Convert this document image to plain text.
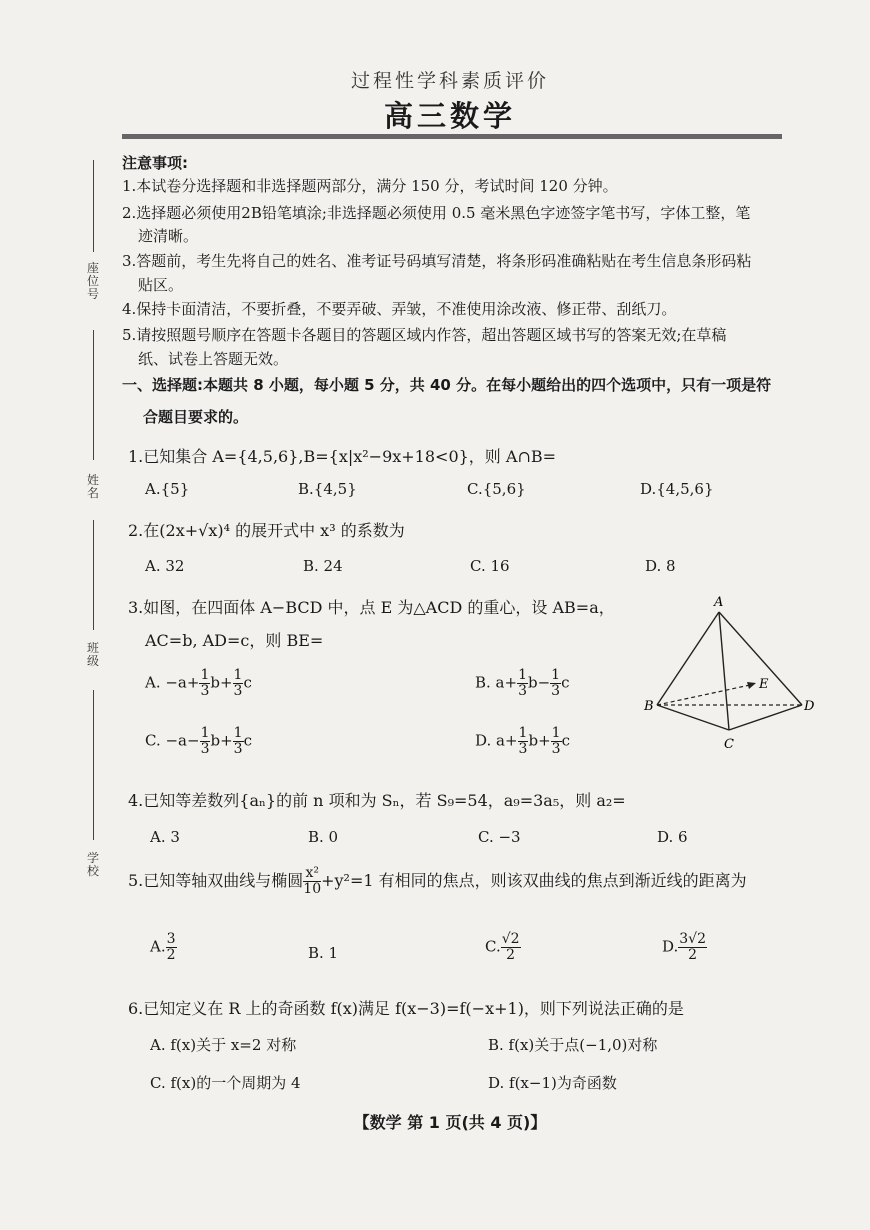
过程性学科素质评价
高三数学
座位号
姓名
班级
学校
注意事项:
1.本试卷分选择题和非选择题两部分，满分 150 分，考试时间 120 分钟。
2.选择题必须使用2B铅笔填涂;非选择题必须使用 0.5 毫米黑色字迹签字笔书写，字体工整，笔
迹清晰。
3.答题前，考生先将自己的姓名、准考证号码填写清楚，将条形码准确粘贴在考生信息条形码粘
贴区。
4.保持卡面清洁，不要折叠，不要弄破、弄皱，不准使用涂改液、修正带、刮纸刀。
5.请按照题号顺序在答题卡各题目的答题区域内作答，超出答题区域书写的答案无效;在草稿
纸、试卷上答题无效。
一、选择题:本题共 8 小题，每小题 5 分，共 40 分。在每小题给出的四个选项中，只有一项是符
合题目要求的。
1.已知集合 A={4,5,6},B={x|x²−9x+18<0}，则 A∩B=
A.{5}	B.{4,5}	C.{5,6}	D.{4,5,6}
2.在(2x+√x)⁴ 的展开式中 x³ 的系数为
A. 32	B. 24	C. 16	D. 8
3.如图，在四面体 A−BCD 中，点 E 为△ACD 的重心，设 AB=a，
AC=b, AD=c，则 BE=
A. $-a+ \frac{1}{3} b+ \frac{1}{3}$ c	B. $a+ \frac{1}{3} b- \frac{1}{3}$ c
C. $-a- \frac{1}{3} b+ \frac{1}{3}$ c	D. $a+ \frac{1}{3} b+ \frac{1}{3}$ c
A
B
C
D
E
4.已知等差数列{aₙ}的前 n 项和为 Sₙ，若 S₉=54，a₉=3a₅，则 a₂=
A. 3	B. 0	C. −3	D. 6
5.已知等轴双曲线与椭圆 $\frac{\text{x²}}{10} +y^2=1$ 有相同的焦点，则该双曲线的焦点到渐近线的距离为
A. $\frac{3}{2}$	B. 1	C. $\frac{√2}{2}$	D. $\frac{3√2}{2}$
6.已知定义在 R 上的奇函数 f(x)满足 f(x−3)=f(−x+1)，则下列说法正确的是
A. f(x)关于 x=2 对称	B. f(x)关于点(−1,0)对称
C. f(x)的一个周期为 4	D. f(x−1)为奇函数
【数学 第 1 页(共 4 页)】
